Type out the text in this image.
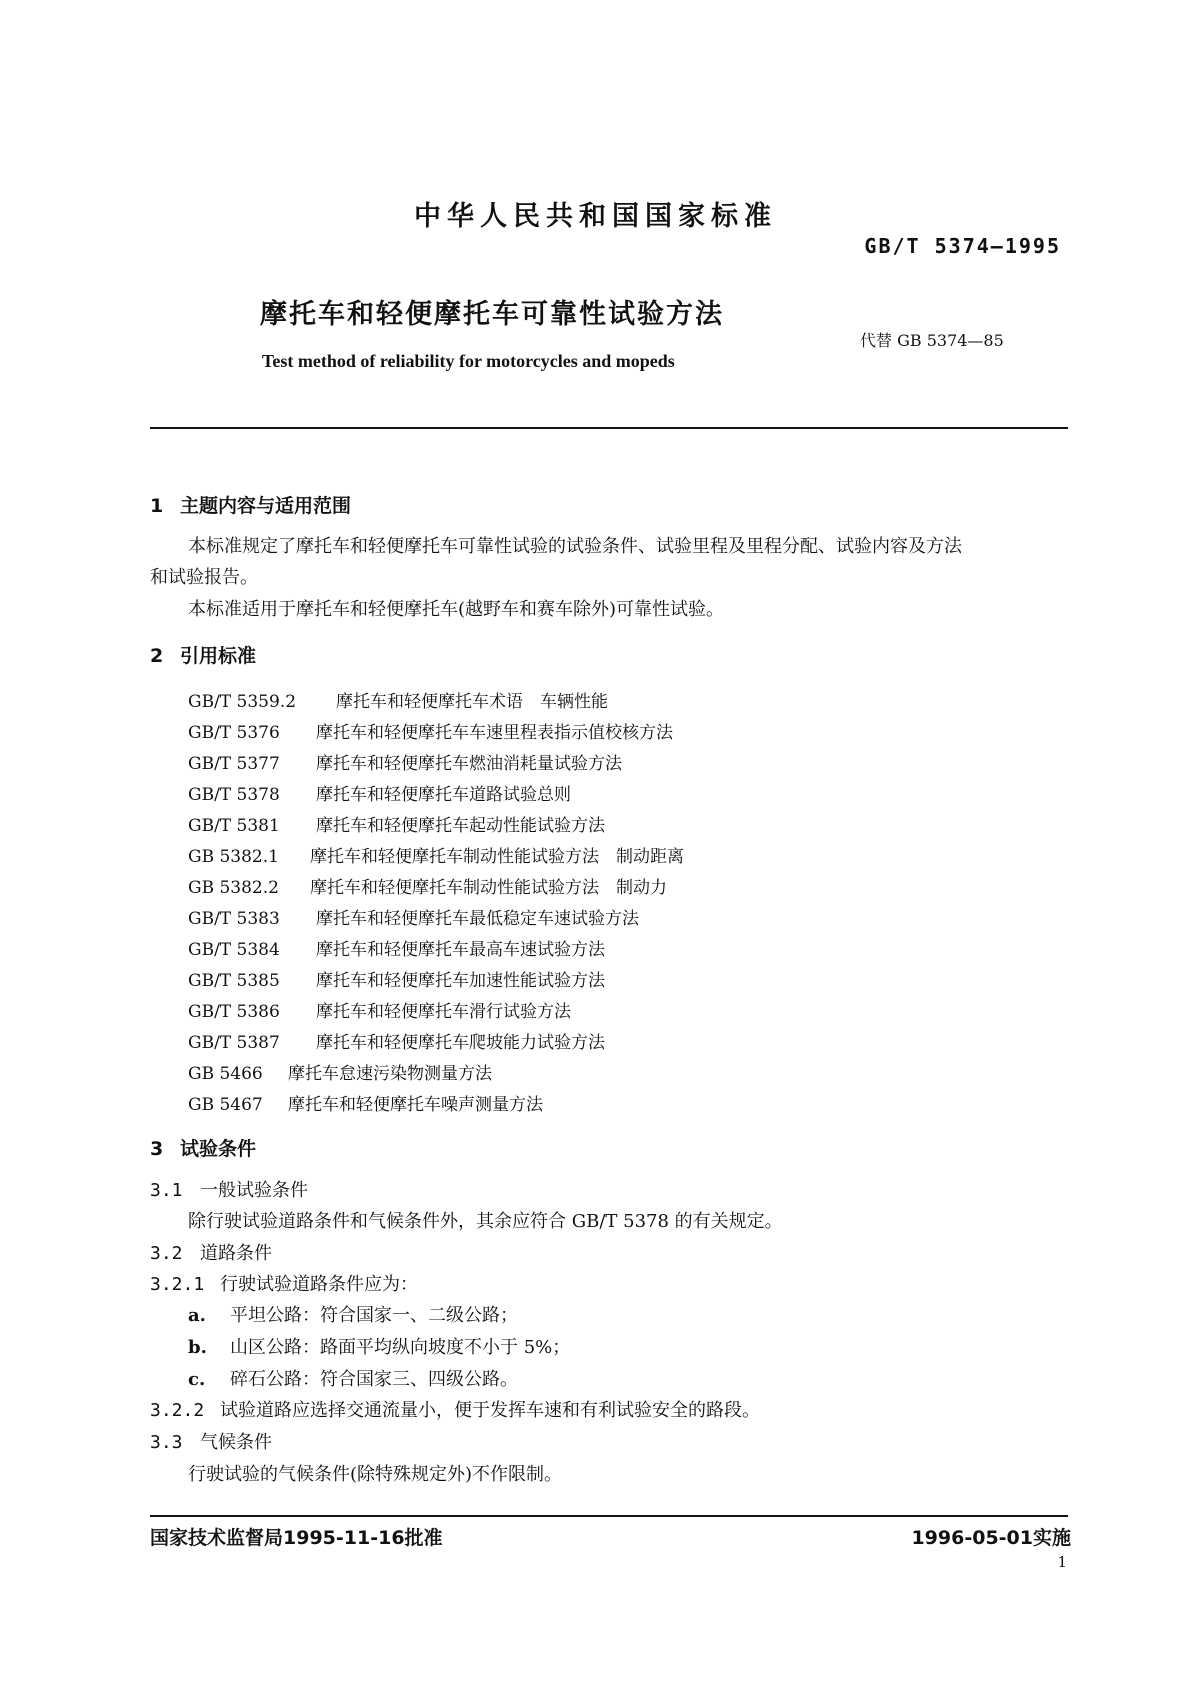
中华人民共和国国家标准
GB/T 5374—1995
摩托车和轻便摩托车可靠性试验方法
代替 GB 5374—85
Test method of reliability for motorcycles and mopeds
1 主题内容与适用范围
本标准规定了摩托车和轻便摩托车可靠性试验的试验条件、试验里程及里程分配、试验内容及方法
和试验报告。
本标准适用于摩托车和轻便摩托车(越野车和赛车除外)可靠性试验。
2 引用标准
GB/T 5359.2 摩托车和轻便摩托车术语　车辆性能
GB/T 5376 摩托车和轻便摩托车车速里程表指示值校核方法
GB/T 5377 摩托车和轻便摩托车燃油消耗量试验方法
GB/T 5378 摩托车和轻便摩托车道路试验总则
GB/T 5381 摩托车和轻便摩托车起动性能试验方法
GB 5382.1 摩托车和轻便摩托车制动性能试验方法　制动距离
GB 5382.2 摩托车和轻便摩托车制动性能试验方法　制动力
GB/T 5383 摩托车和轻便摩托车最低稳定车速试验方法
GB/T 5384 摩托车和轻便摩托车最高车速试验方法
GB/T 5385 摩托车和轻便摩托车加速性能试验方法
GB/T 5386 摩托车和轻便摩托车滑行试验方法
GB/T 5387 摩托车和轻便摩托车爬坡能力试验方法
GB 5466 摩托车怠速污染物测量方法
GB 5467 摩托车和轻便摩托车噪声测量方法
3 试验条件
3.1 一般试验条件
除行驶试验道路条件和气候条件外，其余应符合 GB/T 5378 的有关规定。
3.2 道路条件
3.2.1 行驶试验道路条件应为：
a. 平坦公路：符合国家一、二级公路；
b. 山区公路：路面平均纵向坡度不小于 5%；
c. 碎石公路：符合国家三、四级公路。
3.2.2 试验道路应选择交通流量小，便于发挥车速和有利试验安全的路段。
3.3 气候条件
行驶试验的气候条件(除特殊规定外)不作限制。
国家技术监督局1995-11-16批准	1996-05-01实施
1
